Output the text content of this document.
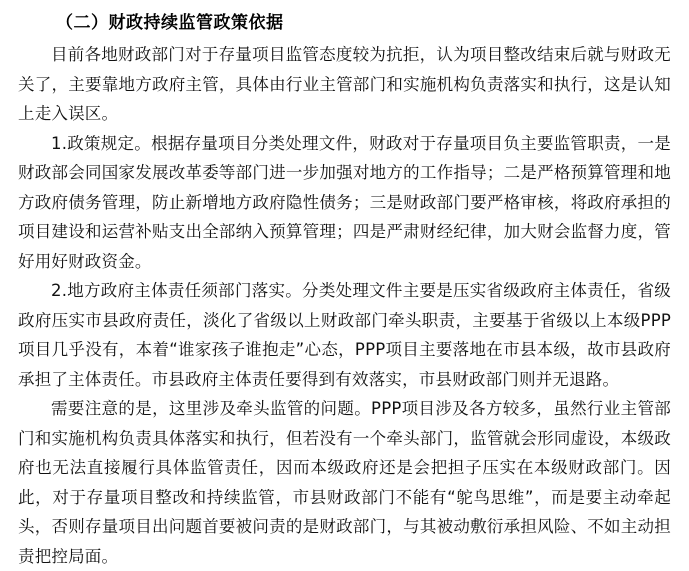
（二）财政持续监管政策依据

目前各地财政部门对于存量项目监管态度较为抗拒，认为项目整改结束后就与财政无关了，主要靠地方政府主管，具体由行业主管部门和实施机构负责落实和执行，这是认知上走入误区。

1.政策规定。根据存量项目分类处理文件，财政对于存量项目负主要监管职责，一是财政部会同国家发展改革委等部门进一步加强对地方的工作指导；二是严格预算管理和地方政府债务管理，防止新增地方政府隐性债务；三是财政部门要严格审核，将政府承担的项目建设和运营补贴支出全部纳入预算管理；四是严肃财经纪律，加大财会监督力度，管好用好财政资金。

2.地方政府主体责任须部门落实。分类处理文件主要是压实省级政府主体责任，省级政府压实市县政府责任，淡化了省级以上财政部门牵头职责，主要基于省级以上本级PPP项目几乎没有，本着“谁家孩子谁抱走”心态，PPP项目主要落地在市县本级，故市县政府承担了主体责任。市县政府主体责任要得到有效落实，市县财政部门则并无退路。

需要注意的是，这里涉及牵头监管的问题。PPP项目涉及各方较多，虽然行业主管部门和实施机构负责具体落实和执行，但若没有一个牵头部门，监管就会形同虚设，本级政府也无法直接履行具体监管责任，因而本级政府还是会把担子压实在本级财政部门。因此，对于存量项目整改和持续监管，市县财政部门不能有“鸵鸟思维”，而是要主动牵起头，否则存量项目出问题首要被问责的是财政部门，与其被动敷衍承担风险、不如主动担责把控局面。
